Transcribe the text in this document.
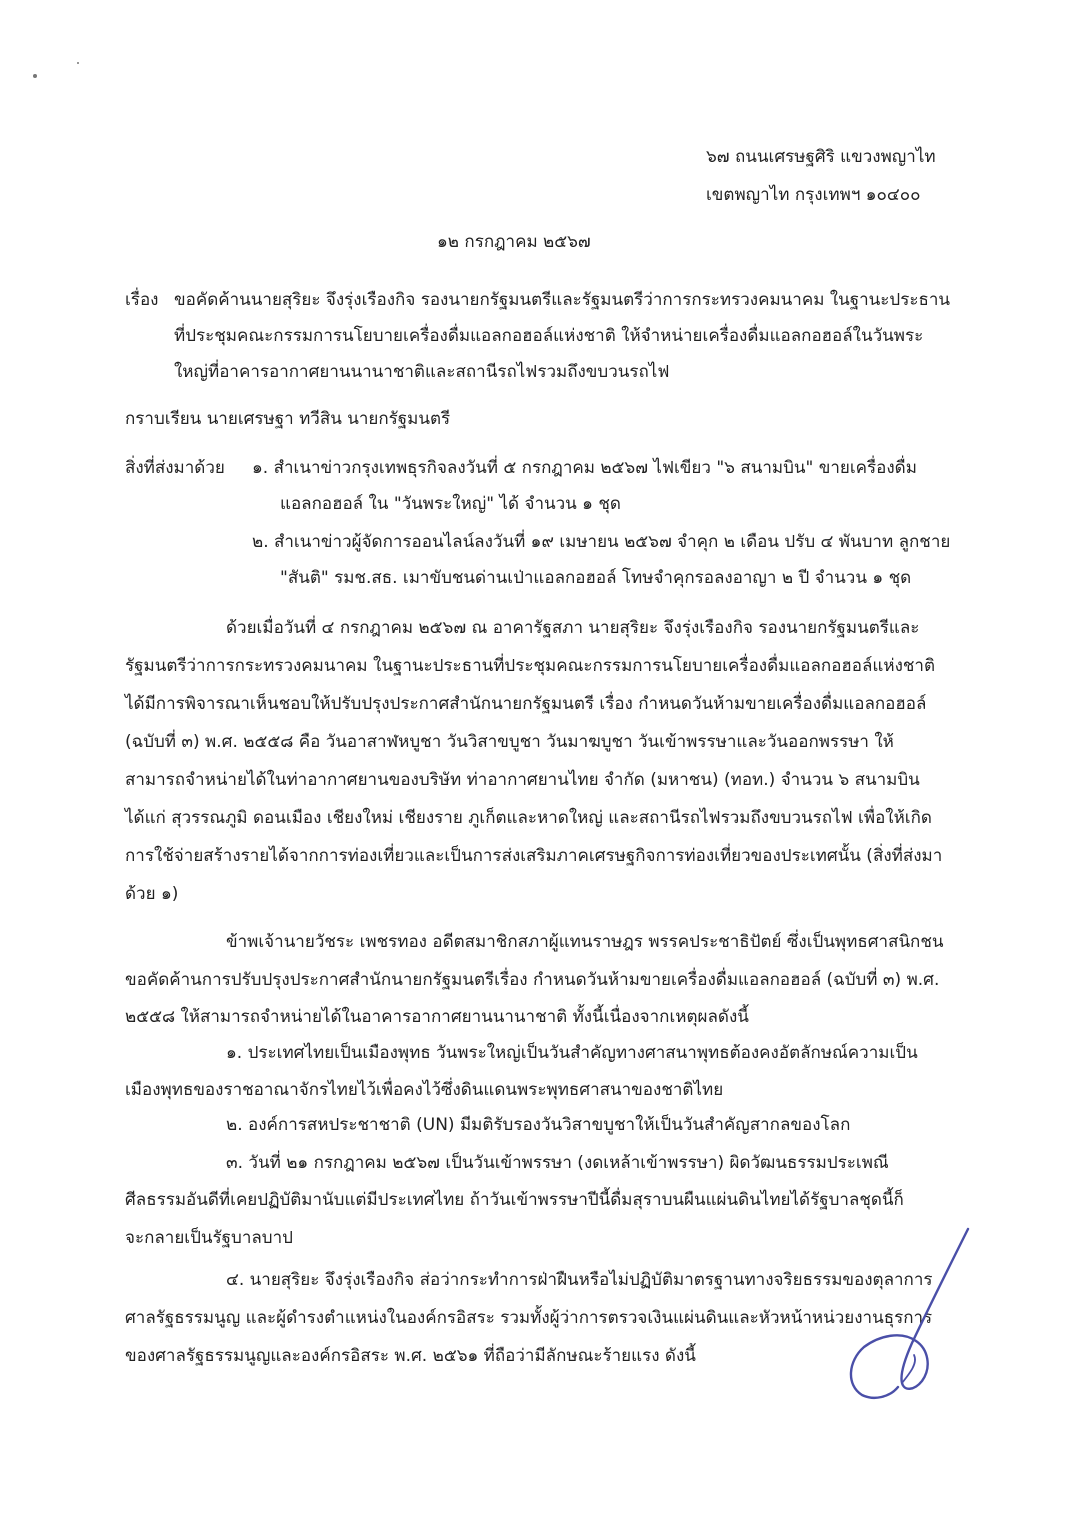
๖๗ ถนนเศรษฐศิริ แขวงพญาไท
เขตพญาไท กรุงเทพฯ ๑๐๔๐๐
๑๒ กรกฎาคม ๒๕๖๗
เรื่อง ขอคัดค้านนายสุริยะ จึงรุ่งเรืองกิจ รองนายกรัฐมนตรีและรัฐมนตรีว่าการกระทรวงคมนาคม ในฐานะประธาน
ที่ประชุมคณะกรรมการนโยบายเครื่องดื่มแอลกอฮอล์แห่งชาติ ให้จำหน่ายเครื่องดื่มแอลกอฮอล์ในวันพระ
ใหญ่ที่อาคารอากาศยานนานาชาติและสถานีรถไฟรวมถึงขบวนรถไฟ
กราบเรียน นายเศรษฐา ทวีสิน นายกรัฐมนตรี
สิ่งที่ส่งมาด้วย ๑. สำเนาข่าวกรุงเทพธุรกิจลงวันที่ ๕ กรกฎาคม ๒๕๖๗ ไฟเขียว "๖ สนามบิน" ขายเครื่องดื่ม
แอลกอฮอล์ ใน "วันพระใหญ่" ได้ จำนวน ๑ ชุด
๒. สำเนาข่าวผู้จัดการออนไลน์ลงวันที่ ๑๙ เมษายน ๒๕๖๗ จำคุก ๒ เดือน ปรับ ๔ พันบาท ลูกชาย
"สันติ" รมช.สธ. เมาขับชนด่านเป่าแอลกอฮอล์ โทษจำคุกรอลงอาญา ๒ ปี จำนวน ๑ ชุด
ด้วยเมื่อวันที่ ๔ กรกฎาคม ๒๕๖๗ ณ อาคารัฐสภา นายสุริยะ จึงรุ่งเรืองกิจ รองนายกรัฐมนตรีและ
รัฐมนตรีว่าการกระทรวงคมนาคม ในฐานะประธานที่ประชุมคณะกรรมการนโยบายเครื่องดื่มแอลกอฮอล์แห่งชาติ
ได้มีการพิจารณาเห็นชอบให้ปรับปรุงประกาศสำนักนายกรัฐมนตรี เรื่อง กำหนดวันห้ามขายเครื่องดื่มแอลกอฮอล์
(ฉบับที่ ๓) พ.ศ. ๒๕๕๘ คือ วันอาสาฬหบูชา วันวิสาขบูชา วันมาฆบูชา วันเข้าพรรษาและวันออกพรรษา ให้
สามารถจำหน่ายได้ในท่าอากาศยานของบริษัท ท่าอากาศยานไทย จำกัด (มหาชน) (ทอท.) จำนวน ๖ สนามบิน
ได้แก่ สุวรรณภูมิ ดอนเมือง เชียงใหม่ เชียงราย ภูเก็ตและหาดใหญ่ และสถานีรถไฟรวมถึงขบวนรถไฟ เพื่อให้เกิด
การใช้จ่ายสร้างรายได้จากการท่องเที่ยวและเป็นการส่งเสริมภาคเศรษฐกิจการท่องเที่ยวของประเทศนั้น (สิ่งที่ส่งมา
ด้วย ๑)
ข้าพเจ้านายวัชระ เพชรทอง อดีตสมาชิกสภาผู้แทนราษฎร พรรคประชาธิปัตย์ ซึ่งเป็นพุทธศาสนิกชน
ขอคัดค้านการปรับปรุงประกาศสำนักนายกรัฐมนตรีเรื่อง กำหนดวันห้ามขายเครื่องดื่มแอลกอฮอล์ (ฉบับที่ ๓) พ.ศ.
๒๕๕๘ ให้สามารถจำหน่ายได้ในอาคารอากาศยานนานาชาติ ทั้งนี้เนื่องจากเหตุผลดังนี้
๑. ประเทศไทยเป็นเมืองพุทธ วันพระใหญ่เป็นวันสำคัญทางศาสนาพุทธต้องคงอัตลักษณ์ความเป็น
เมืองพุทธของราชอาณาจักรไทยไว้เพื่อคงไว้ซึ่งดินแดนพระพุทธศาสนาของชาติไทย
๒. องค์การสหประชาชาติ (UN) มีมติรับรองวันวิสาขบูชาให้เป็นวันสำคัญสากลของโลก
๓. วันที่ ๒๑ กรกฎาคม ๒๕๖๗ เป็นวันเข้าพรรษา (งดเหล้าเข้าพรรษา) ผิดวัฒนธรรมประเพณี
ศีลธรรมอันดีที่เคยปฏิบัติมานับแต่มีประเทศไทย ถ้าวันเข้าพรรษาปีนี้ดื่มสุราบนผืนแผ่นดินไทยได้รัฐบาลชุดนี้ก็
จะกลายเป็นรัฐบาลบาป
๔. นายสุริยะ จึงรุ่งเรืองกิจ ส่อว่ากระทำการฝ่าฝืนหรือไม่ปฏิบัติมาตรฐานทางจริยธรรมของตุลาการ
ศาลรัฐธรรมนูญ และผู้ดำรงตำแหน่งในองค์กรอิสระ รวมทั้งผู้ว่าการตรวจเงินแผ่นดินและหัวหน้าหน่วยงานธุรการ
ของศาลรัฐธรรมนูญและองค์กรอิสระ พ.ศ. ๒๕๖๑ ที่ถือว่ามีลักษณะร้ายแรง ดังนี้
